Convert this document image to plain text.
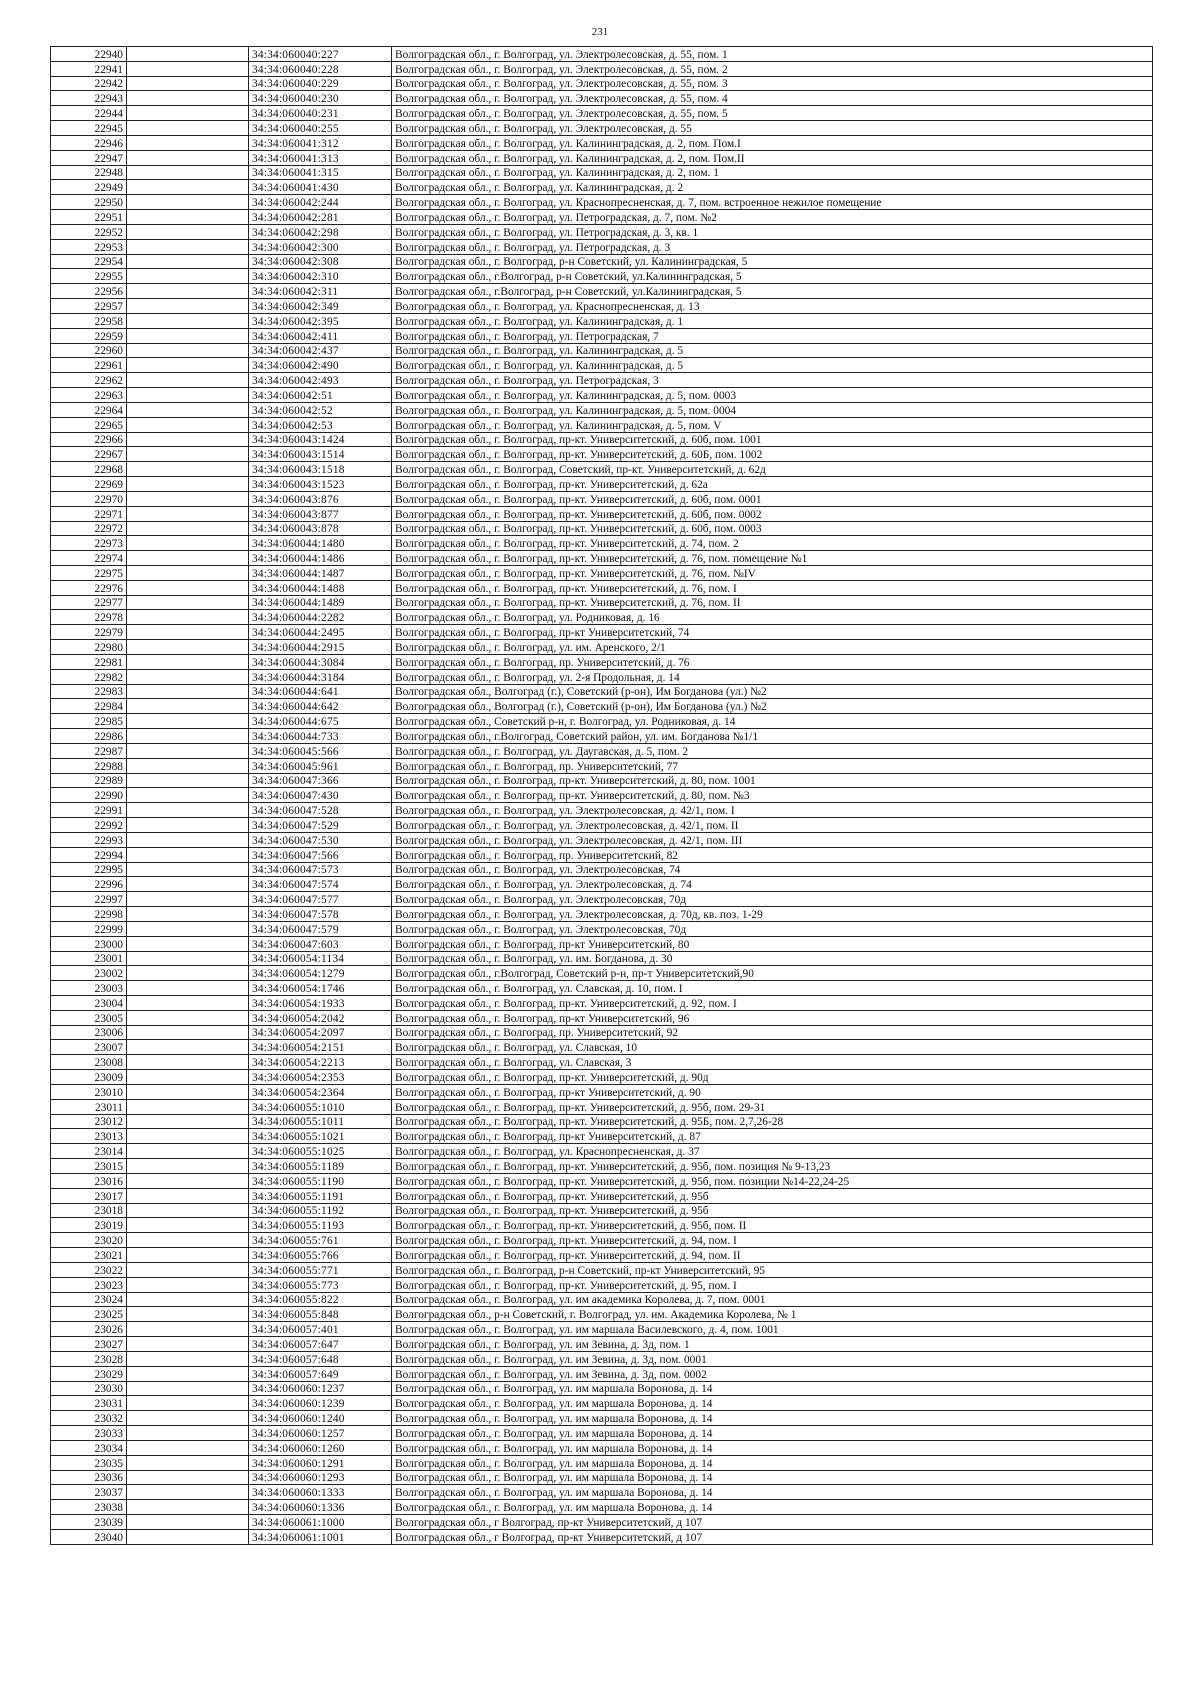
231
22940		34:34:060040:227	Волгоградская обл., г. Волгоград, ул. Электролесовская, д. 55, пом. 1
22941		34:34:060040:228	Волгоградская обл., г. Волгоград, ул. Электролесовская, д. 55, пом. 2
22942		34:34:060040:229	Волгоградская обл., г. Волгоград, ул. Электролесовская, д. 55, пом. 3
22943		34:34:060040:230	Волгоградская обл., г. Волгоград, ул. Электролесовская, д. 55, пом. 4
22944		34:34:060040:231	Волгоградская обл., г. Волгоград, ул. Электролесовская, д. 55, пом. 5
22945		34:34:060040:255	Волгоградская обл., г. Волгоград, ул. Электролесовская, д. 55
22946		34:34:060041:312	Волгоградская обл., г. Волгоград, ул. Калининградская, д. 2, пом. Пом.I
22947		34:34:060041:313	Волгоградская обл., г. Волгоград, ул. Калининградская, д. 2, пом. Пом.II
22948		34:34:060041:315	Волгоградская обл., г. Волгоград, ул. Калининградская, д. 2, пом. 1
22949		34:34:060041:430	Волгоградская обл., г. Волгоград, ул. Калининградская, д. 2
22950		34:34:060042:244	Волгоградская обл., г. Волгоград, ул. Краснопресненская, д. 7, пом. встроенное нежилое помещение
22951		34:34:060042:281	Волгоградская обл., г. Волгоград, ул. Петроградская, д. 7, пом. №2
22952		34:34:060042:298	Волгоградская обл., г. Волгоград, ул. Петроградская, д. 3, кв. 1
22953		34:34:060042:300	Волгоградская обл., г. Волгоград, ул. Петроградская, д. 3
22954		34:34:060042:308	Волгоградская обл., г. Волгоград, р-н Советский, ул. Калининградская, 5
22955		34:34:060042:310	Волгоградская обл., г.Волгоград, р-н Советский, ул.Калининградская, 5
22956		34:34:060042:311	Волгоградская обл., г.Волгоград, р-н Советский, ул.Калининградская, 5
22957		34:34:060042:349	Волгоградская обл., г. Волгоград, ул. Краснопресненская, д. 13
22958		34:34:060042:395	Волгоградская обл., г. Волгоград, ул. Калининградская, д. 1
22959		34:34:060042:411	Волгоградская обл., г. Волгоград, ул. Петроградская, 7
22960		34:34:060042:437	Волгоградская обл., г. Волгоград, ул. Калининградская, д. 5
22961		34:34:060042:490	Волгоградская обл., г. Волгоград, ул. Калининградская, д. 5
22962		34:34:060042:493	Волгоградская обл., г. Волгоград, ул. Петроградская, 3
22963		34:34:060042:51	Волгоградская обл., г. Волгоград, ул. Калининградская, д. 5, пом. 0003
22964		34:34:060042:52	Волгоградская обл., г. Волгоград, ул. Калининградская, д. 5, пом. 0004
22965		34:34:060042:53	Волгоградская обл., г. Волгоград, ул. Калининградская, д. 5, пом. V
22966		34:34:060043:1424	Волгоградская обл., г. Волгоград, пр-кт. Университетский, д. 60б, пом. 1001
22967		34:34:060043:1514	Волгоградская обл., г. Волгоград, пр-кт. Университетский, д. 60Б, пом. 1002
22968		34:34:060043:1518	Волгоградская обл., г. Волгоград, Советский, пр-кт. Университетский, д. 62д
22969		34:34:060043:1523	Волгоградская обл., г. Волгоград, пр-кт. Университетский, д. 62а
22970		34:34:060043:876	Волгоградская обл., г. Волгоград, пр-кт. Университетский, д. 60б, пом. 0001
22971		34:34:060043:877	Волгоградская обл., г. Волгоград, пр-кт. Университетский, д. 60б, пом. 0002
22972		34:34:060043:878	Волгоградская обл., г. Волгоград, пр-кт. Университетский, д. 60б, пом. 0003
22973		34:34:060044:1480	Волгоградская обл., г. Волгоград, пр-кт. Университетский, д. 74, пом. 2
22974		34:34:060044:1486	Волгоградская обл., г. Волгоград, пр-кт. Университетский, д. 76, пом. помещение №1
22975		34:34:060044:1487	Волгоградская обл., г. Волгоград, пр-кт. Университетский, д. 76, пом. №IV
22976		34:34:060044:1488	Волгоградская обл., г. Волгоград, пр-кт. Университетский, д. 76, пом. I
22977		34:34:060044:1489	Волгоградская обл., г. Волгоград, пр-кт. Университетский, д. 76, пом. II
22978		34:34:060044:2282	Волгоградская обл., г. Волгоград, ул. Родниковая, д. 16
22979		34:34:060044:2495	Волгоградская обл., г. Волгоград, пр-кт Университетский, 74
22980		34:34:060044:2915	Волгоградская обл., г. Волгоград, ул. им. Аренского, 2/1
22981		34:34:060044:3084	Волгоградская обл., г. Волгоград, пр. Университетский, д. 76
22982		34:34:060044:3184	Волгоградская обл., г. Волгоград, ул. 2-я Продольная, д. 14
22983		34:34:060044:641	Волгоградская обл., Волгоград (г.), Советский (р-он), Им Богданова (ул.) №2
22984		34:34:060044:642	Волгоградская обл., Волгоград (г.), Советский (р-он), Им Богданова (ул.) №2
22985		34:34:060044:675	Волгоградская обл., Советский р-н, г. Волгоград, ул. Родниковая, д. 14
22986		34:34:060044:733	Волгоградская обл., г.Волгоград, Советский район, ул. им. Богданова №1/1
22987		34:34:060045:566	Волгоградская обл., г. Волгоград, ул. Даугавская, д. 5, пом. 2
22988		34:34:060045:961	Волгоградская обл., г. Волгоград, пр. Университетский, 77
22989		34:34:060047:366	Волгоградская обл., г. Волгоград, пр-кт. Университетский, д. 80, пом. 1001
22990		34:34:060047:430	Волгоградская обл., г. Волгоград, пр-кт. Университетский, д. 80, пом. №3
22991		34:34:060047:528	Волгоградская обл., г. Волгоград, ул. Электролесовская, д. 42/1, пом. I
22992		34:34:060047:529	Волгоградская обл., г. Волгоград, ул. Электролесовская, д. 42/1, пом. II
22993		34:34:060047:530	Волгоградская обл., г. Волгоград, ул. Электролесовская, д. 42/1, пом. III
22994		34:34:060047:566	Волгоградская обл., г. Волгоград, пр. Университетский, 82
22995		34:34:060047:573	Волгоградская обл., г. Волгоград, ул. Электролесовская, 74
22996		34:34:060047:574	Волгоградская обл., г. Волгоград, ул. Электролесовская, д. 74
22997		34:34:060047:577	Волгоградская обл., г. Волгоград, ул. Электролесовская, 70д
22998		34:34:060047:578	Волгоградская обл., г. Волгоград, ул. Электролесовская, д. 70д, кв. поз. 1-29
22999		34:34:060047:579	Волгоградская обл., г. Волгоград, ул. Электролесовская, 70д
23000		34:34:060047:603	Волгоградская обл., г. Волгоград, пр-кт Университетский, 80
23001		34:34:060054:1134	Волгоградская обл., г. Волгоград, ул. им. Богданова, д. 30
23002		34:34:060054:1279	Волгоградская обл., г.Волгоград, Советский р-н, пр-т Университетский,90
23003		34:34:060054:1746	Волгоградская обл., г. Волгоград, ул. Славская, д. 10, пом. I
23004		34:34:060054:1933	Волгоградская обл., г. Волгоград, пр-кт. Университетский, д. 92, пом. I
23005		34:34:060054:2042	Волгоградская обл., г. Волгоград, пр-кт Университетский, 96
23006		34:34:060054:2097	Волгоградская обл., г. Волгоград, пр. Университетский, 92
23007		34:34:060054:2151	Волгоградская обл., г. Волгоград, ул. Славская, 10
23008		34:34:060054:2213	Волгоградская обл., г. Волгоград, ул. Славская, 3
23009		34:34:060054:2353	Волгоградская обл., г. Волгоград, пр-кт. Университетский, д. 90д
23010		34:34:060054:2364	Волгоградская обл., г. Волгоград, пр-кт Университетский, д. 90
23011		34:34:060055:1010	Волгоградская обл., г. Волгоград, пр-кт. Университетский, д. 95б, пом. 29-31
23012		34:34:060055:1011	Волгоградская обл., г. Волгоград, пр-кт. Университетский, д. 95Б, пом. 2,7,26-28
23013		34:34:060055:1021	Волгоградская обл., г. Волгоград, пр-кт Университетский, д. 87
23014		34:34:060055:1025	Волгоградская обл., г. Волгоград, ул. Краснопресненская, д. 37
23015		34:34:060055:1189	Волгоградская обл., г. Волгоград, пр-кт. Университетский, д. 95б, пом. позиция № 9-13,23
23016		34:34:060055:1190	Волгоградская обл., г. Волгоград, пр-кт. Университетский, д. 95б, пом. позиции №14-22,24-25
23017		34:34:060055:1191	Волгоградская обл., г. Волгоград, пр-кт. Университетский, д. 95б
23018		34:34:060055:1192	Волгоградская обл., г. Волгоград, пр-кт. Университетский, д. 95б
23019		34:34:060055:1193	Волгоградская обл., г. Волгоград, пр-кт. Университетский, д. 95б, пом. II
23020		34:34:060055:761	Волгоградская обл., г. Волгоград, пр-кт. Университетский, д. 94, пом. I
23021		34:34:060055:766	Волгоградская обл., г. Волгоград, пр-кт. Университетский, д. 94, пом. II
23022		34:34:060055:771	Волгоградская обл., г. Волгоград, р-н Советский, пр-кт Университетский, 95
23023		34:34:060055:773	Волгоградская обл., г. Волгоград, пр-кт. Университетский, д. 95, пом. I
23024		34:34:060055:822	Волгоградская обл., г. Волгоград, ул. им академика Королева, д. 7, пом. 0001
23025		34:34:060055:848	Волгоградская обл., р-н Советский, г. Волгоград, ул. им. Академика Королева, № 1
23026		34:34:060057:401	Волгоградская обл., г. Волгоград, ул. им маршала Василевского, д. 4, пом. 1001
23027		34:34:060057:647	Волгоградская обл., г. Волгоград, ул. им Зевина, д. 3д, пом. 1
23028		34:34:060057:648	Волгоградская обл., г. Волгоград, ул. им Зевина, д. 3д, пом. 0001
23029		34:34:060057:649	Волгоградская обл., г. Волгоград, ул. им Зевина, д. 3д, пом. 0002
23030		34:34:060060:1237	Волгоградская обл., г. Волгоград, ул. им маршала Воронова, д. 14
23031		34:34:060060:1239	Волгоградская обл., г. Волгоград, ул. им маршала Воронова, д. 14
23032		34:34:060060:1240	Волгоградская обл., г. Волгоград, ул. им маршала Воронова, д. 14
23033		34:34:060060:1257	Волгоградская обл., г. Волгоград, ул. им маршала Воронова, д. 14
23034		34:34:060060:1260	Волгоградская обл., г. Волгоград, ул. им маршала Воронова, д. 14
23035		34:34:060060:1291	Волгоградская обл., г. Волгоград, ул. им маршала Воронова, д. 14
23036		34:34:060060:1293	Волгоградская обл., г. Волгоград, ул. им маршала Воронова, д. 14
23037		34:34:060060:1333	Волгоградская обл., г. Волгоград, ул. им маршала Воронова, д. 14
23038		34:34:060060:1336	Волгоградская обл., г. Волгоград, ул. им маршала Воронова, д. 14
23039		34:34:060061:1000	Волгоградская обл., г Волгоград, пр-кт Университетский, д 107
23040		34:34:060061:1001	Волгоградская обл., г Волгоград, пр-кт Университетский, д 107
